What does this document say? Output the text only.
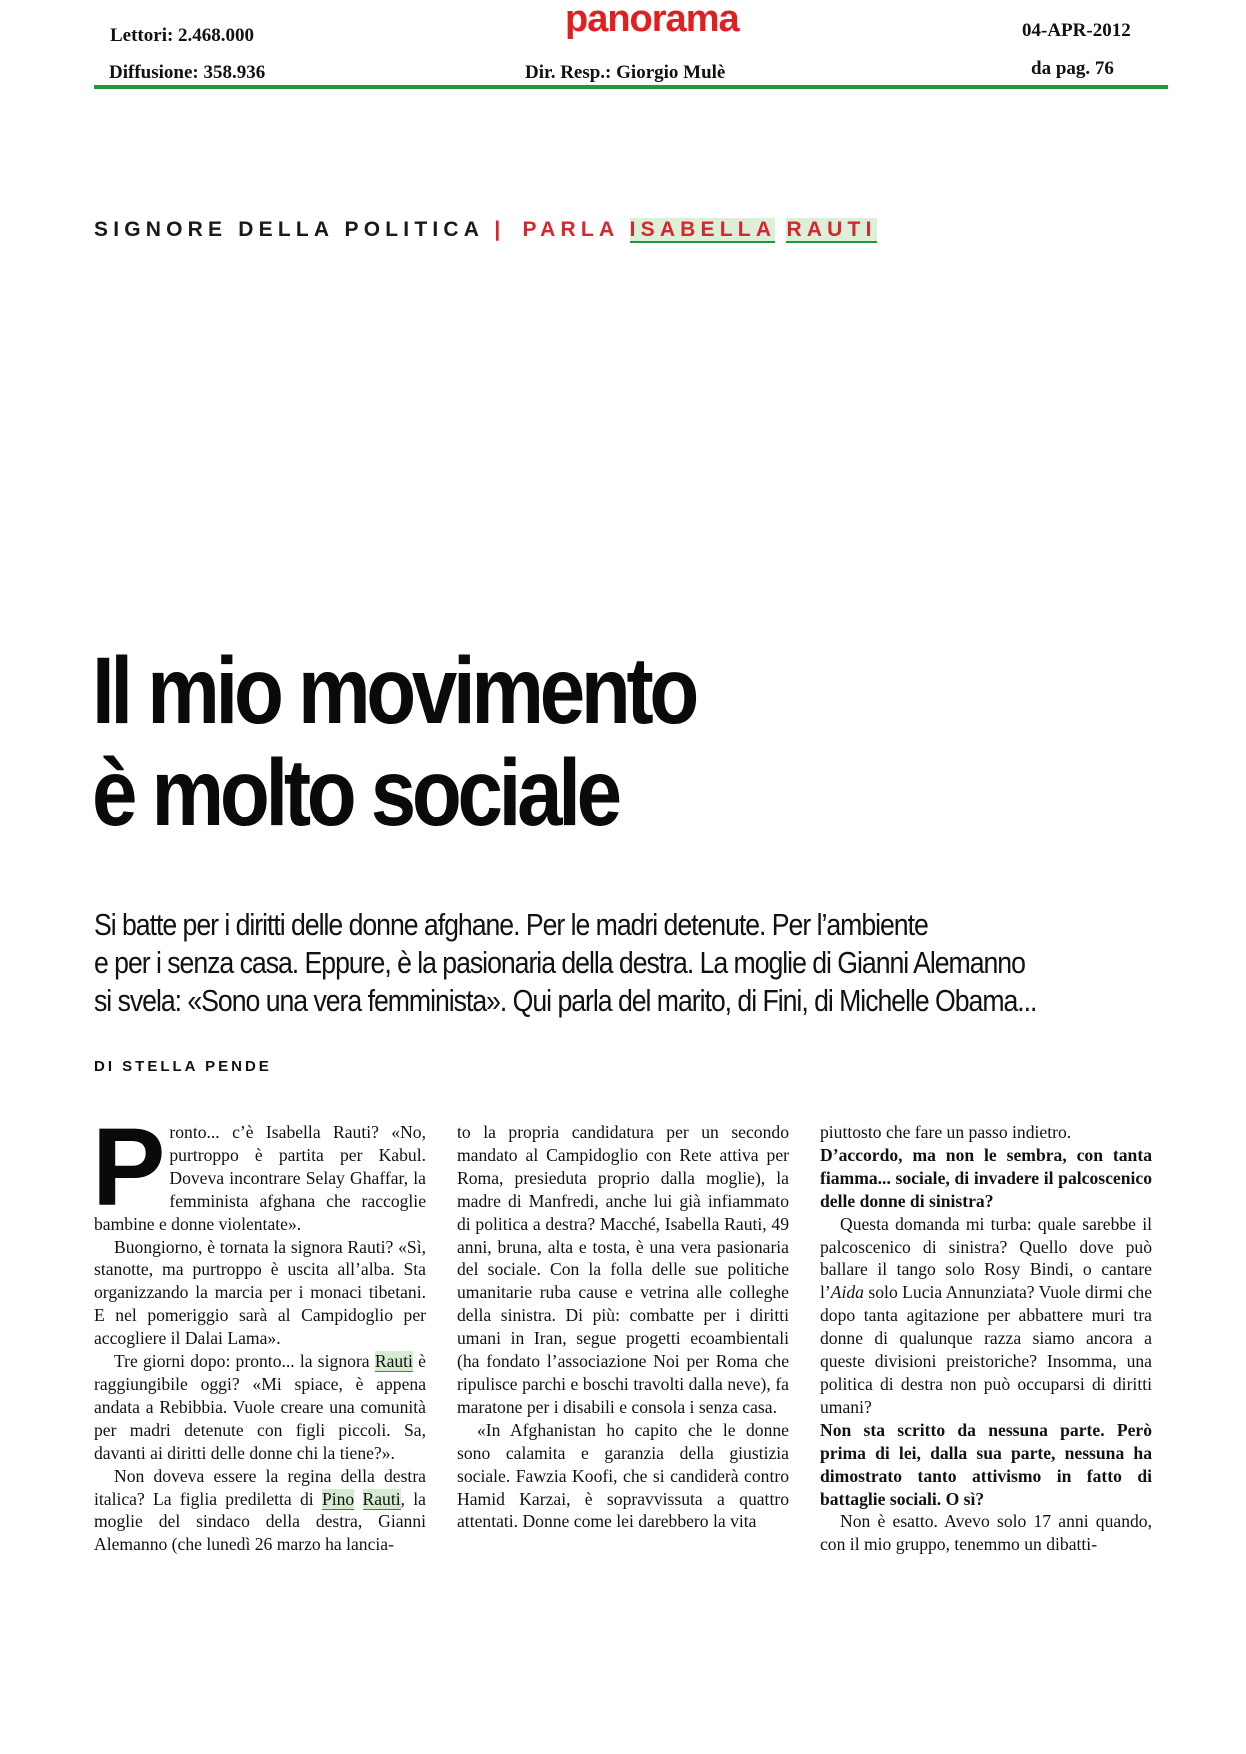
Lettori: 2.468.000
Diffusione: 358.936
panorama
Dir. Resp.: Giorgio Mulè
04-APR-2012
da pag. 76
SIGNORE DELLA POLITICA | PARLA ISABELLA RAUTI
Il mio movimento
è molto sociale

Si batte per i diritti delle donne afghane. Per le madri detenute. Per l’ambiente
e per i senza casa. Eppure, è la pasionaria della destra. La moglie di Gianni Alemanno
si svela: «Sono una vera femminista». Qui parla del marito, di Fini, di Michelle Obama...

DI STELLA PENDE

Pronto... c’è Isabella Rauti? «No, purtroppo è partita per Kabul. Doveva incontrare Selay Ghaffar, la femminista afghana che raccoglie bambine e donne violentate».

Buongiorno, è tornata la signora Rauti? «Sì, stanotte, ma purtroppo è uscita all’alba. Sta organizzando la marcia per i monaci tibetani. E nel pomeriggio sarà al Campidoglio per accogliere il Dalai Lama».

Tre giorni dopo: pronto... la signora Rauti è raggiungibile oggi? «Mi spiace, è appena andata a Rebibbia. Vuole creare una comunità per madri detenute con figli piccoli. Sa, davanti ai diritti delle donne chi la tiene?».

Non doveva essere la regina della destra italica? La figlia prediletta di Pino Rauti, la moglie del sindaco della destra, Gianni Alemanno (che lunedì 26 marzo ha lancia-

to la propria candidatura per un secondo mandato al Campidoglio con Rete attiva per Roma, presieduta proprio dalla moglie), la madre di Manfredi, anche lui già infiammato di politica a destra? Macché, Isabella Rauti, 49 anni, bruna, alta e tosta, è una vera pasionaria del sociale. Con la folla delle sue politiche umanitarie ruba cause e vetrina alle colleghe della sinistra. Di più: combatte per i diritti umani in Iran, segue progetti ecoambientali (ha fondato l’associazione Noi per Roma che ripulisce parchi e boschi travolti dalla neve), fa maratone per i disabili e consola i senza casa.

«In Afghanistan ho capito che le donne sono calamita e garanzia della giustizia sociale. Fawzia Koofi, che si candiderà contro Hamid Karzai, è sopravvissuta a quattro attentati. Donne come lei darebbero la vita

piuttosto che fare un passo indietro.

D’accordo, ma non le sembra, con tanta fiamma... sociale, di invadere il palcoscenico delle donne di sinistra?

Questa domanda mi turba: quale sarebbe il palcoscenico di sinistra? Quello dove può ballare il tango solo Rosy Bindi, o cantare l’Aida solo Lucia Annunziata? Vuole dirmi che dopo tanta agitazione per abbattere muri tra donne di qualunque razza siamo ancora a queste divisioni preistoriche? Insomma, una politica di destra non può occuparsi di diritti umani?

Non sta scritto da nessuna parte. Però prima di lei, dalla sua parte, nessuna ha dimostrato tanto attivismo in fatto di battaglie sociali. O sì?

Non è esatto. Avevo solo 17 anni quando, con il mio gruppo, tenemmo un dibatti-
